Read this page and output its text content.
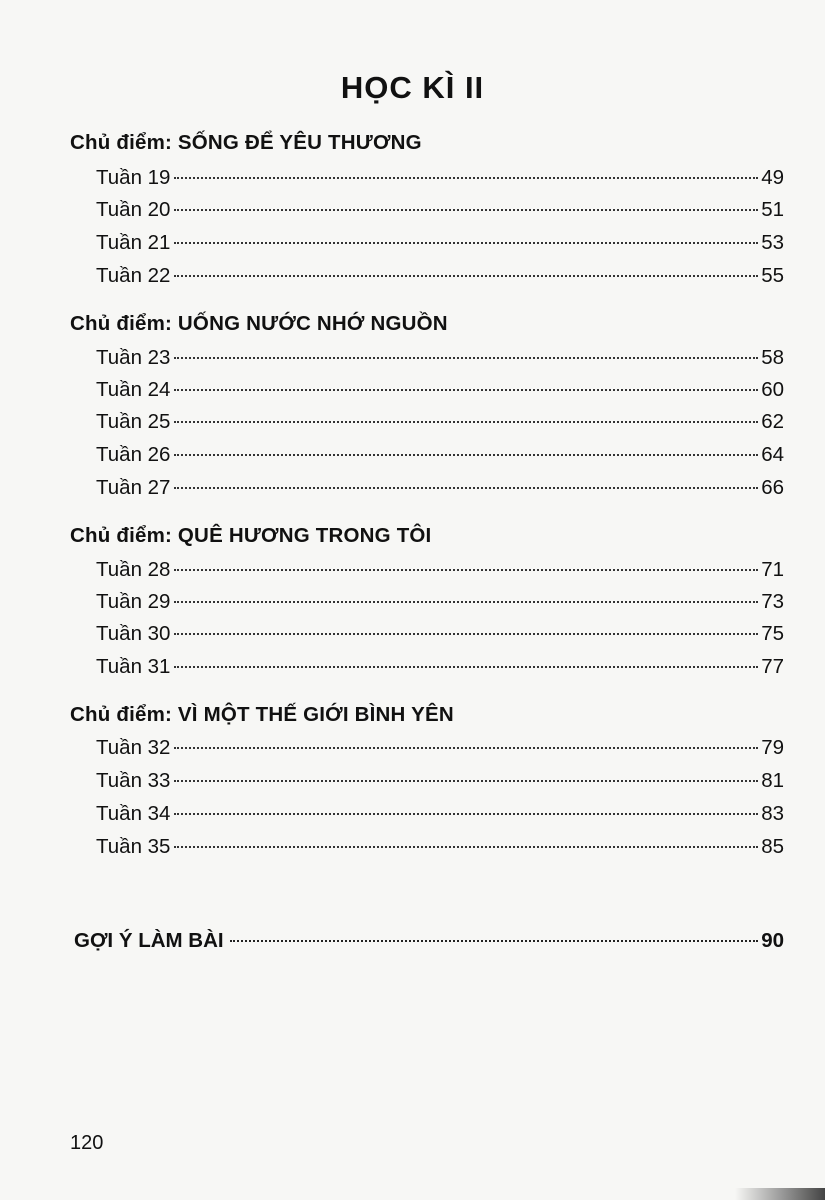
HỌC KÌ II
Chủ điểm: SỐNG ĐỂ YÊU THƯƠNG
Tuần 19	49
Tuần 20	51
Tuần 21	53
Tuần 22	55
Chủ điểm: UỐNG NƯỚC NHỚ NGUỒN
Tuần 23	58
Tuần 24	60
Tuần 25	62
Tuần 26	64
Tuần 27	66
Chủ điểm: QUÊ HƯƠNG TRONG TÔI
Tuần 28	71
Tuần 29	73
Tuần 30	75
Tuần 31	77
Chủ điểm: VÌ MỘT THẾ GIỚI BÌNH YÊN
Tuần 32	79
Tuần 33	81
Tuần 34	83
Tuần 35	85
GỢI Ý LÀM BÀI	90
120
